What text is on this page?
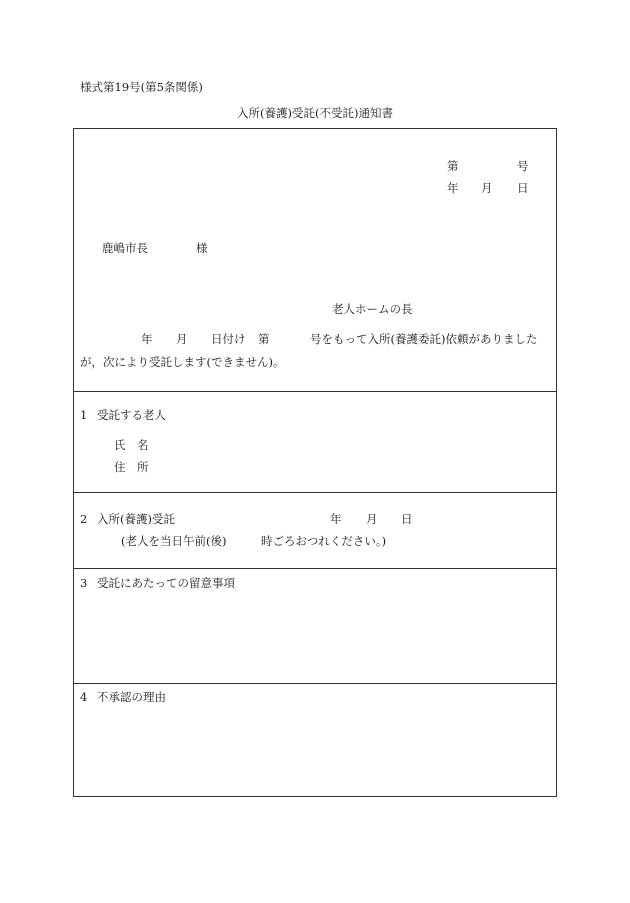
様式第19号(第5条関係)
入所(養護)受託(不受託)通知書
第	号
年 月 日
鹿嶋市長	様
老人ホームの長
年 月 日付け 第	号をもって入所(養護委託)依頼がありました
が，次により受託します(できません)。
1 受託する老人
氏　名
住　所
2 入所(養護)受託	年 月 日
(老人を当日午前(後)	時ごろおつれください。)
3 受託にあたっての留意事項
4 不承認の理由
